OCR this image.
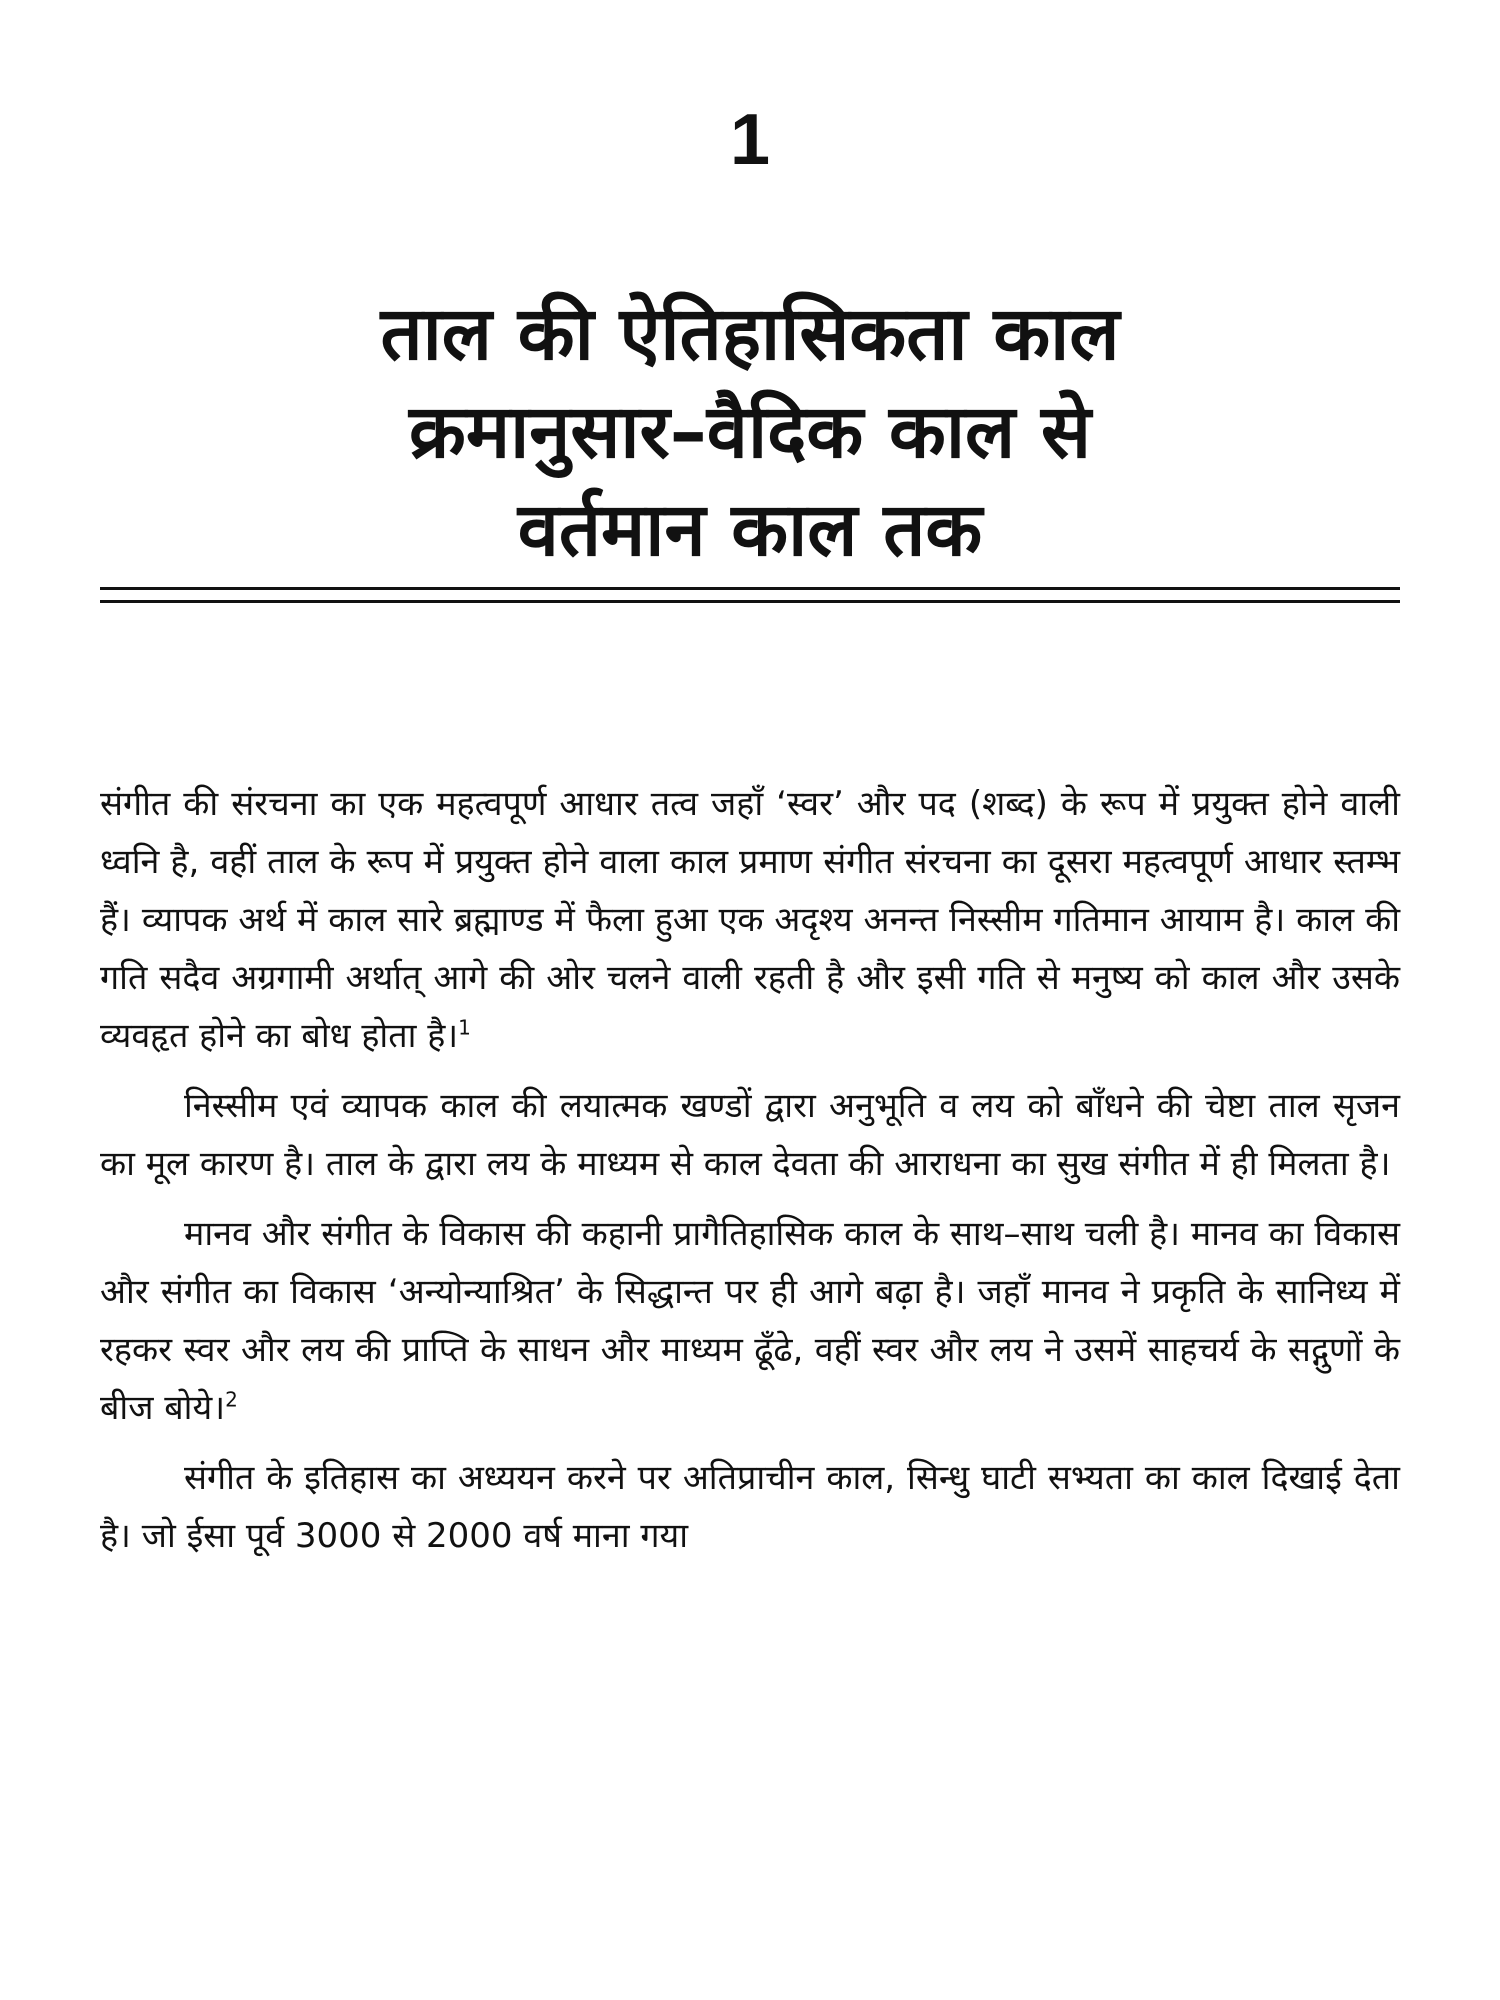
1
ताल की ऐतिहासिकता काल
क्रमानुसार–वैदिक काल से
वर्तमान काल तक

संगीत की संरचना का एक महत्वपूर्ण आधार तत्व जहाँ ‘स्वर’ और पद (शब्द) के रूप में प्रयुक्त होने वाली ध्वनि है, वहीं ताल के रूप में प्रयुक्त होने वाला काल प्रमाण संगीत संरचना का दूसरा महत्वपूर्ण आधार स्तम्भ हैं। व्यापक अर्थ में काल सारे ब्रह्माण्ड में फैला हुआ एक अदृश्य अनन्त निस्सीम गतिमान आयाम है। काल की गति सदैव अग्रगामी अर्थात् आगे की ओर चलने वाली रहती है और इसी गति से मनुष्य को काल और उसके व्यवहृत होने का बोध होता है।$^1$

निस्सीम एवं व्यापक काल की लयात्मक खण्डों द्वारा अनुभूति व लय को बाँधने की चेष्टा ताल सृजन का मूल कारण है। ताल के द्वारा लय के माध्यम से काल देवता की आराधना का सुख संगीत में ही मिलता है।

मानव और संगीत के विकास की कहानी प्रागैतिहासिक काल के साथ–साथ चली है। मानव का विकास और संगीत का विकास ‘अन्योन्याश्रित’ के सिद्धान्त पर ही आगे बढ़ा है। जहाँ मानव ने प्रकृति के सानिध्य में रहकर स्वर और लय की प्राप्ति के साधन और माध्यम ढूँढे, वहीं स्वर और लय ने उसमें साहचर्य के सद्गुणों के बीज बोये।$^2$

संगीत के इतिहास का अध्ययन करने पर अतिप्राचीन काल, सिन्धु घाटी सभ्यता का काल दिखाई देता है। जो ईसा पूर्व 3000 से 2000 वर्ष माना गया
